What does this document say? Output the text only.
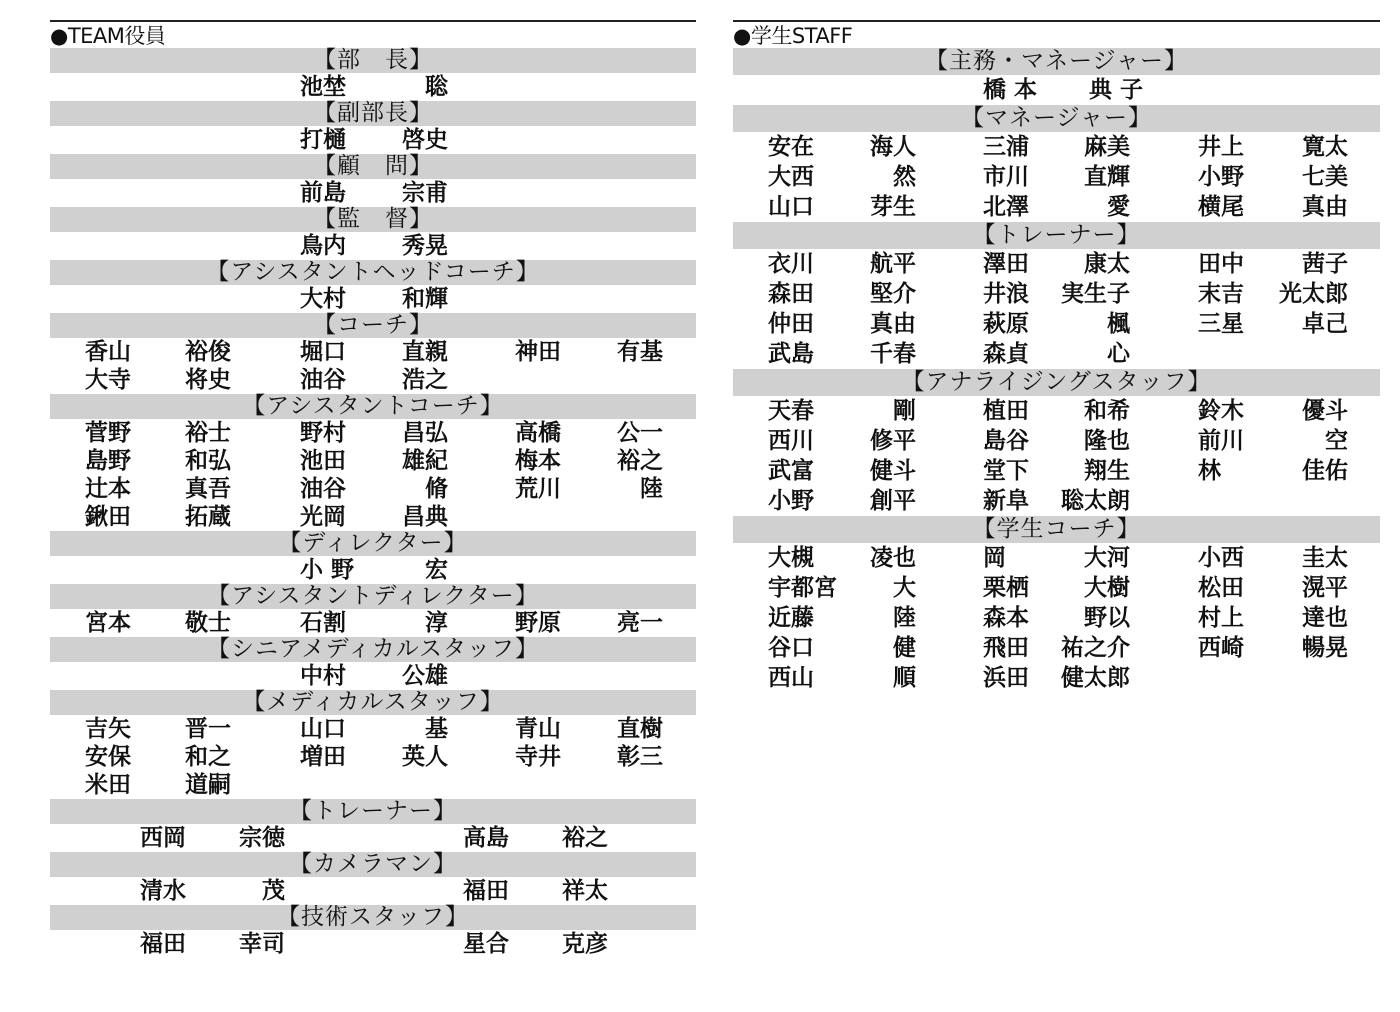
●TEAM役員
【部　長】
池埜	聡
【副部長】
打樋	啓史
【顧　問】
前島	宗甫
【監　督】
鳥内	秀晃
【アシスタントヘッドコーチ】
大村	和輝
【コーチ】
香山	裕俊	堀口	直親	神田	有基
大寺	将史	油谷	浩之
【アシスタントコーチ】
菅野	裕士	野村	昌弘	高橋	公一
島野	和弘	池田	雄紀	梅本	裕之
辻本	真吾	油谷	脩	荒川	陸
鍬田	拓蔵	光岡	昌典
【ディレクター】
小 野	宏
【アシスタントディレクター】
宮本	敬士	石割	淳	野原	亮一
【シニアメディカルスタッフ】
中村	公雄
【メディカルスタッフ】
吉矢	晋一	山口	基	青山	直樹
安保	和之	増田	英人	寺井	彰三
米田	道嗣
【トレーナー】
西岡	宗徳	高島	裕之
【カメラマン】
清水	茂	福田	祥太
【技術スタッフ】
福田	幸司	星合	克彦
●学生STAFF
【主務・マネージャー】
橋 本	典 子
【マネージャー】
安在	海人	三浦	麻美	井上	寛太
大西	然	市川	直輝	小野	七美
山口	芽生	北澤	愛	横尾	真由
【トレーナー】
衣川	航平	澤田	康太	田中	茜子
森田	堅介	井浪	実生子	末吉	光太郎
仲田	真由	萩原	楓	三星	卓己
武島	千春	森貞	心
【アナライジングスタッフ】
天春	剛	植田	和希	鈴木	優斗
西川	修平	島谷	隆也	前川	空
武富	健斗	堂下	翔生	林	佳佑
小野	創平	新阜	聡太朗
【学生コーチ】
大槻	凌也	岡	大河	小西	圭太
宇都宮	大	栗栖	大樹	松田	滉平
近藤	陸	森本	野以	村上	達也
谷口	健	飛田	祐之介	西崎	暢晃
西山	順	浜田	健太郎
